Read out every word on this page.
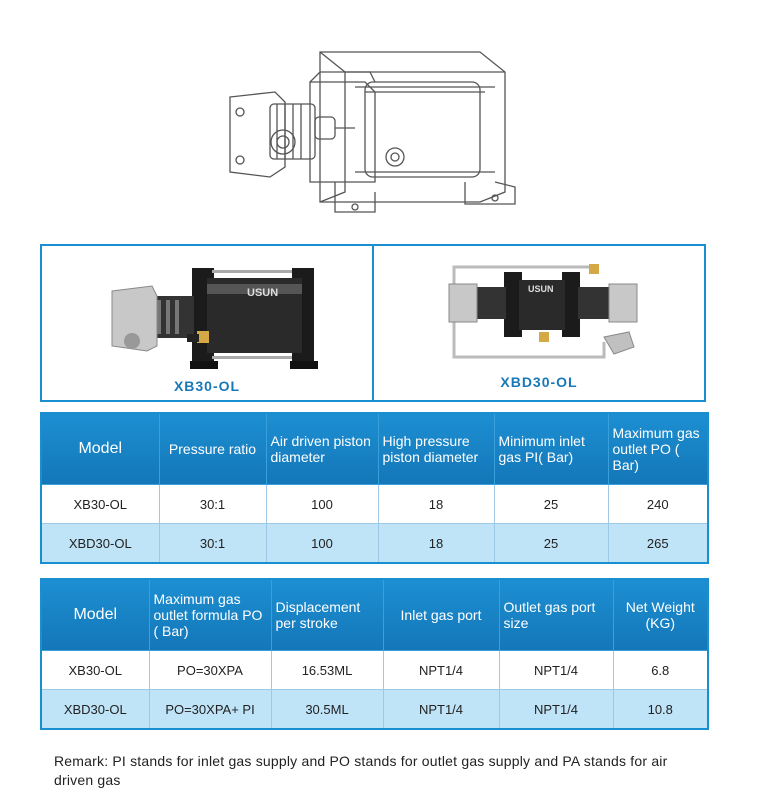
USUN
XB30-OL
USUN
XBD30-OL
Model	Pressure ratio	Air driven piston diameter	High pressure piston diameter	Minimum inlet gas PI( Bar)	Maximum gas outlet PO ( Bar)
XB30-OL	30:1	100	18	25	240
XBD30-OL	30:1	100	18	25	265
Model	Maximum gas outlet formula PO ( Bar)	Displacement per stroke	Inlet gas port	Outlet gas port size	Net Weight (KG)
XB30-OL	PO=30XPA	16.53ML	NPT1/4	NPT1/4	6.8
XBD30-OL	PO=30XPA+ PI	30.5ML	NPT1/4	NPT1/4	10.8
Remark: PI stands for inlet gas supply and PO stands for outlet gas supply and PA stands for air driven gas
